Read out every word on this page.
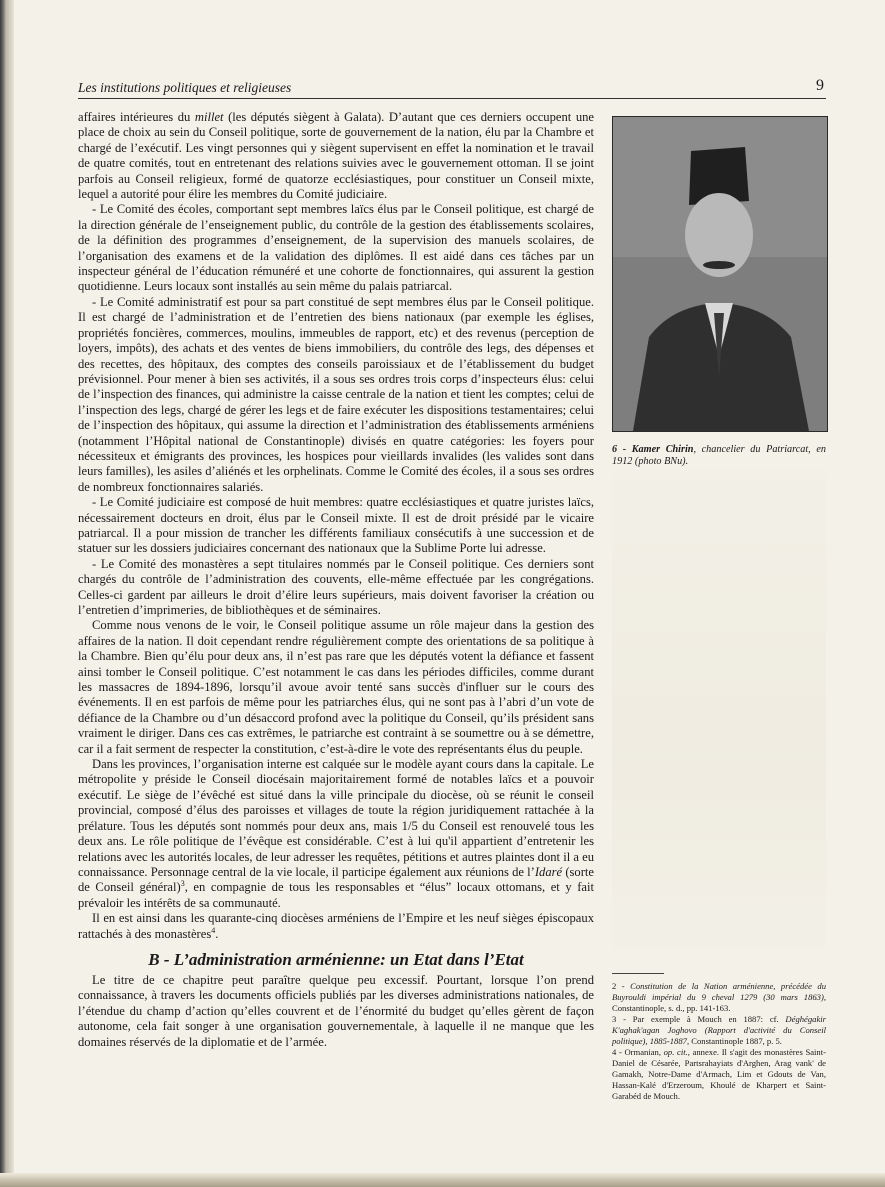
Les institutions politiques et religieuses	9

affaires intérieures du millet (les députés siègent à Galata). D’autant que ces derniers occupent une place de choix au sein du Conseil politique, sorte de gouvernement de la nation, élu par la Chambre et chargé de l’exécutif. Les vingt personnes qui y siègent supervisent en effet la nomination et le travail de quatre comités, tout en entretenant des relations suivies avec le gouvernement ottoman. Il se joint parfois au Conseil religieux, formé de quatorze ecclésiastiques, pour constituer un Conseil mixte, lequel a autorité pour élire les membres du Comité judiciaire.

- Le Comité des écoles, comportant sept membres laïcs élus par le Conseil politique, est chargé de la direction générale de l’enseignement public, du contrôle de la gestion des établissements scolaires, de la définition des programmes d’enseignement, de la supervision des manuels scolaires, de l’organisation des examens et de la validation des diplômes. Il est aidé dans ces tâches par un inspecteur général de l’éducation rémunéré et une cohorte de fonctionnaires, qui assurent la gestion quotidienne. Leurs locaux sont installés au sein même du palais patriarcal.

- Le Comité administratif est pour sa part constitué de sept membres élus par le Conseil politique. Il est chargé de l’administration et de l’entretien des biens nationaux (par exemple les églises, propriétés foncières, commerces, moulins, immeubles de rapport, etc) et des revenus (perception de loyers, impôts), des achats et des ventes de biens immobiliers, du contrôle des legs, des dépenses et des recettes, des hôpitaux, des comptes des conseils paroissiaux et de l’établissement du budget prévisionnel. Pour mener à bien ses activités, il a sous ses ordres trois corps d’inspecteurs élus: celui de l’inspection des finances, qui administre la caisse centrale de la nation et tient les comptes; celui de l’inspection des legs, chargé de gérer les legs et de faire exécuter les dispositions testamentaires; celui de l’inspection des hôpitaux, qui assume la direction et l’administration des établissements arméniens (notamment l’Hôpital national de Constantinople) divisés en quatre catégories: les foyers pour nécessiteux et émigrants des provinces, les hospices pour vieillards invalides (les valides sont dans leurs familles), les asiles d’aliénés et les orphelinats. Comme le Comité des écoles, il a sous ses ordres de nombreux fonctionnaires salariés.

- Le Comité judiciaire est composé de huit membres: quatre ecclésiastiques et quatre juristes laïcs, nécessairement docteurs en droit, élus par le Conseil mixte. Il est de droit présidé par le vicaire patriarcal. Il a pour mission de trancher les différents familiaux consécutifs à une succession et de statuer sur les dossiers judiciaires concernant des nationaux que la Sublime Porte lui adresse.

- Le Comité des monastères a sept titulaires nommés par le Conseil politique. Ces derniers sont chargés du contrôle de l’administration des couvents, elle-même effectuée par les congrégations. Celles-ci gardent par ailleurs le droit d’élire leurs supérieurs, mais doivent favoriser la création ou l’entretien d’imprimeries, de bibliothèques et de séminaires.

Comme nous venons de le voir, le Conseil politique assume un rôle majeur dans la gestion des affaires de la nation. Il doit cependant rendre régulièrement compte des orientations de sa politique à la Chambre. Bien qu’élu pour deux ans, il n’est pas rare que les députés votent la défiance et fassent ainsi tomber le Conseil politique. C’est notamment le cas dans les périodes difficiles, comme durant les massacres de 1894-1896, lorsqu’il avoue avoir tenté sans succès d'influer sur le cours des événements. Il en est parfois de même pour les patriarches élus, qui ne sont pas à l’abri d’un vote de défiance de la Chambre ou d’un désaccord profond avec la politique du Conseil, qu’ils président sans vraiment le diriger. Dans ces cas extrêmes, le patriarche est contraint à se soumettre ou à se démettre, car il a fait serment de respecter la constitution, c’est-à-dire le vote des représentants élus du peuple.

Dans les provinces, l’organisation interne est calquée sur le modèle ayant cours dans la capitale. Le métropolite y préside le Conseil diocésain majoritairement formé de notables laïcs et a pouvoir exécutif. Le siège de l’évêché est situé dans la ville principale du diocèse, où se réunit le conseil provincial, composé d’élus des paroisses et villages de toute la région juridiquement rattachée à la prélature. Tous les députés sont nommés pour deux ans, mais 1/5 du Conseil est renouvelé tous les deux ans. Le rôle politique de l’évêque est considérable. C’est à lui qu'il appartient d’entretenir les relations avec les autorités locales, de leur adresser les requêtes, pétitions et autres plaintes dont il a eu connaissance. Personnage central de la vie locale, il participe également aux réunions de l’Idaré (sorte de Conseil général)$^3$, en compagnie de tous les responsables et “élus” locaux ottomans, et y fait prévaloir les intérêts de sa communauté.

Il en est ainsi dans les quarante-cinq diocèses arméniens de l’Empire et les neuf sièges épiscopaux rattachés à des monastères$^4$.

B - L’administration arménienne: un Etat dans l’Etat

Le titre de ce chapitre peut paraître quelque peu excessif. Pourtant, lorsque l’on prend connaissance, à travers les documents officiels publiés par les diverses administrations nationales, de l’étendue du champ d’action qu’elles couvrent et de l’énormité du budget qu’elles gèrent de façon autonome, cela fait songer à une organisation gouvernementale, à laquelle il ne manque que les domaines réservés de la diplomatie et de l’armée.

6 - Kamer Chirin, chancelier du Patriarcat, en 1912 (photo BNu).

2 - Constitution de la Nation arménienne, précédée du Buyrouldi impérial du 9 cheval 1279 (30 mars 1863), Constantinople, s. d., pp. 141-163.

3 - Par exemple à Mouch en 1887: cf. Déghégakir K'aghak'agan Joghovo (Rapport d'activité du Conseil politique), 1885-1887, Constantinople 1887, p. 5.

4 - Ormanian, op. cit., annexe. Il s'agit des monastères Saint-Daniel de Césarée, Partsrahayiats d'Arghen, Arag vank' de Gamakh, Notre-Dame d'Armach, Lim et Gdouts de Van, Hassan-Kalé d'Erzeroum, Khoulé de Kharpert et Saint-Garabéd de Mouch.
